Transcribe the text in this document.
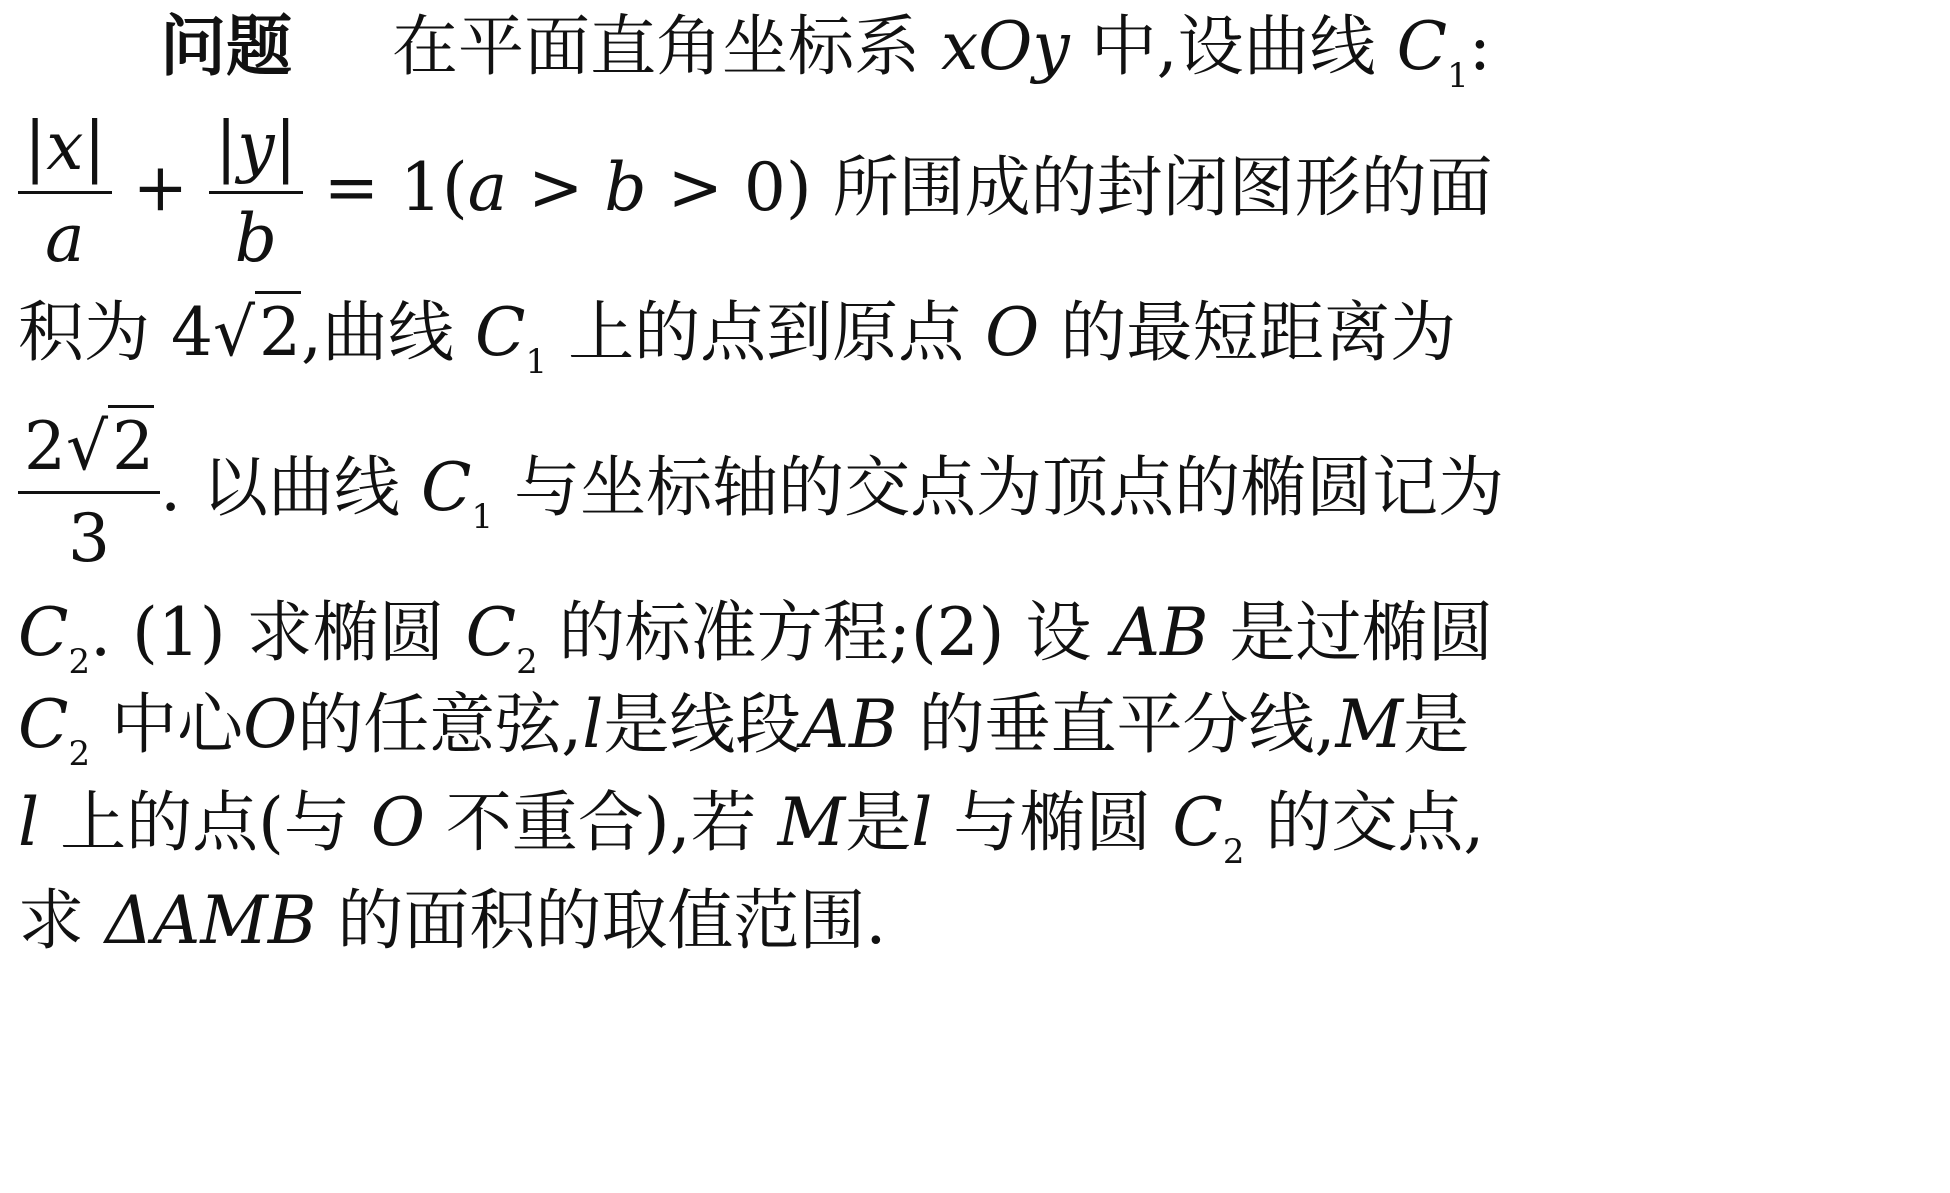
问题 在平面直角坐标系 xOy 中,设曲线 $C_1$:
$\frac{|x|}{a} + \frac{|y|}{b} = 1(a > b > 0)$ 所围成的封闭图形的面
积为 4√2,曲线 $C_1$ 上的点到原点 O 的最短距离为
$\frac{2√2}{3}$ . 以曲线 $C_1$ 与坐标轴的交点为顶点的椭圆记为
$C_2$. (1) 求椭圆 $C_2$ 的标准方程;(2) 设 AB 是过椭圆
$C_2$ 中心O的任意弦,l是线段AB 的垂直平分线,M是
l 上的点(与 O 不重合),若 M是l 与椭圆 $C_2$ 的交点,
求 ΔAMB 的面积的取值范围.
